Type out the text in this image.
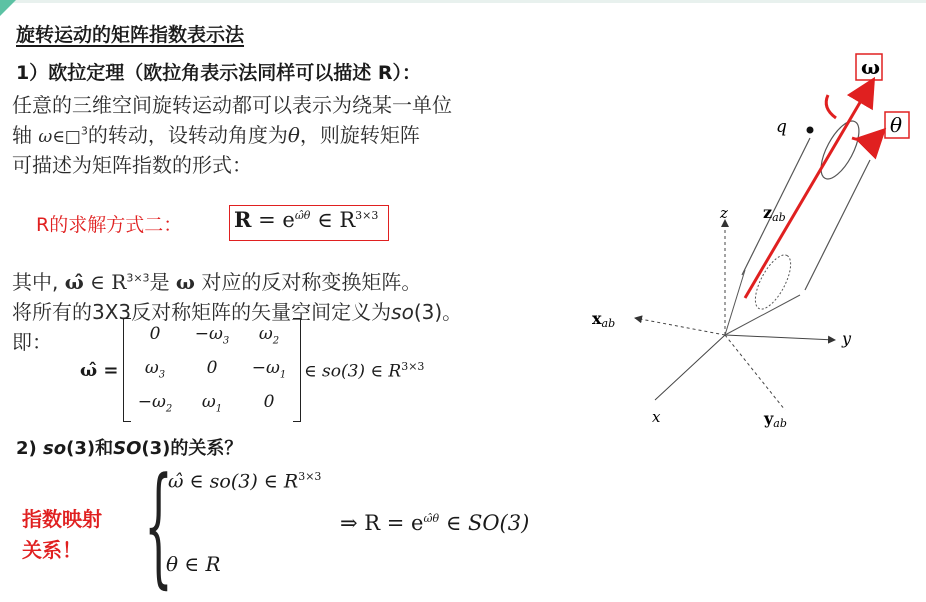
旋转运动的矩阵指数表示法
1）欧拉定理（欧拉角表示法同样可以描述 R）：
任意的三维空间旋转运动都可以表示为绕某一单位
轴 ω∈□$^3$的转动，设转动角度为θ，则旋转矩阵
可描述为矩阵指数的形式：
R的求解方式二： $R = e^{\omegâ\theta}$ ∈ $R^{3\times 3}$
其中, ω̂ ∈ $R^{3\times 3}$是 ω 对应的反对称变换矩阵。
将所有的3X3反对称矩阵的矢量空间定义为so(3)。
即：
ω̂ =
0	$-\omega_3$	$\omega_2$
$\omega_3$	0	$-\omega_1$
$-\omega_2$	$\omega_1$	0
∈ so(3) ∈ $R^{3\times 3}$
2) so(3)和SO(3)的关系？
指数映射
关系！ {
ω̂ ∈ so(3) ∈ $R^{3\times 3}$
θ ∈ R
⇒ $R = e^{\omegâ\theta}$ ∈ SO(3)
ω
θ
q
z zab
xab
y
x	yab
